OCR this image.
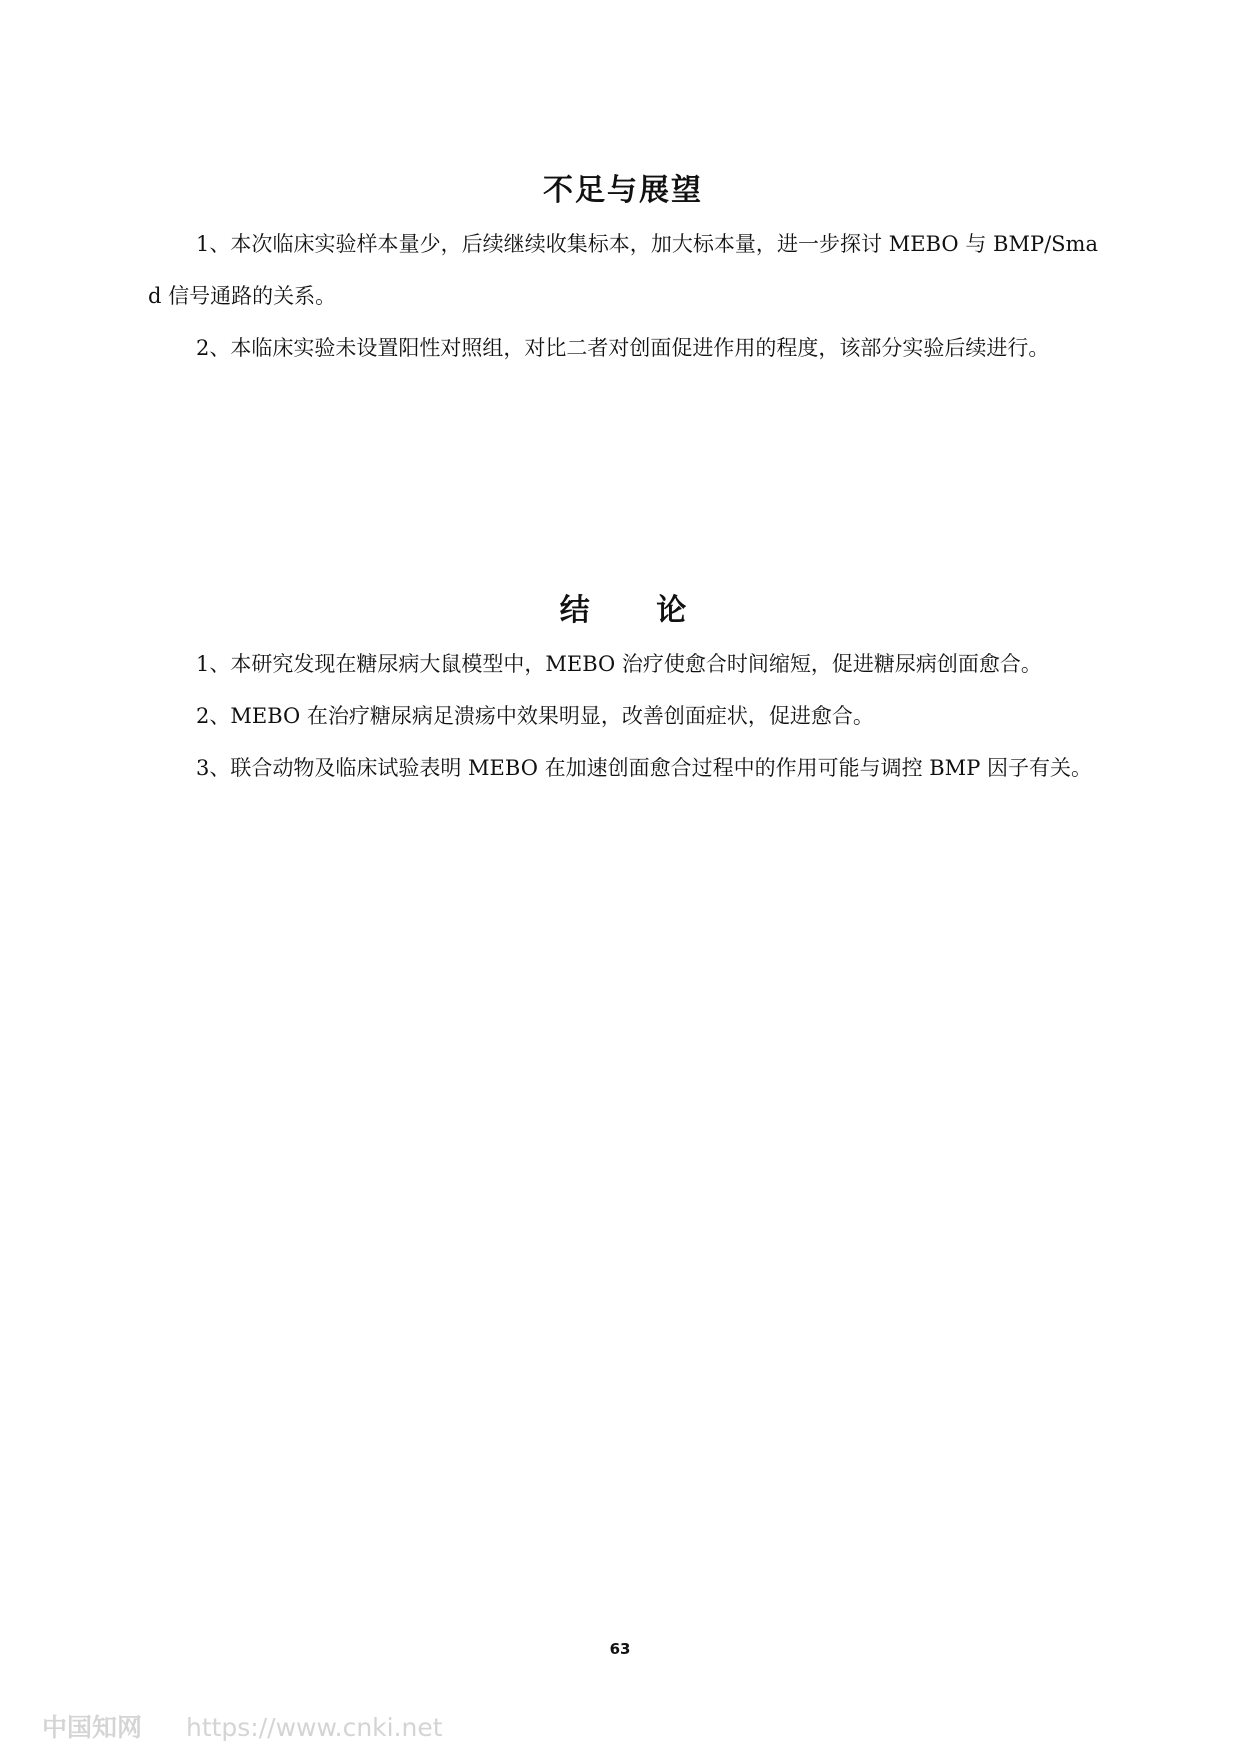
不足与展望

1、本次临床实验样本量少，后续继续收集标本，加大标本量，进一步探讨 MEBO 与 BMP/Smad 信号通路的关系。

2、本临床实验未设置阳性对照组，对比二者对创面促进作用的程度，该部分实验后续进行。

结 论

1、本研究发现在糖尿病大鼠模型中，MEBO 治疗使愈合时间缩短，促进糖尿病创面愈合。

2、MEBO 在治疗糖尿病足溃疡中效果明显，改善创面症状，促进愈合。

3、联合动物及临床试验表明 MEBO 在加速创面愈合过程中的作用可能与调控 BMP 因子有关。

63
中国知网 https://www.cnki.net
